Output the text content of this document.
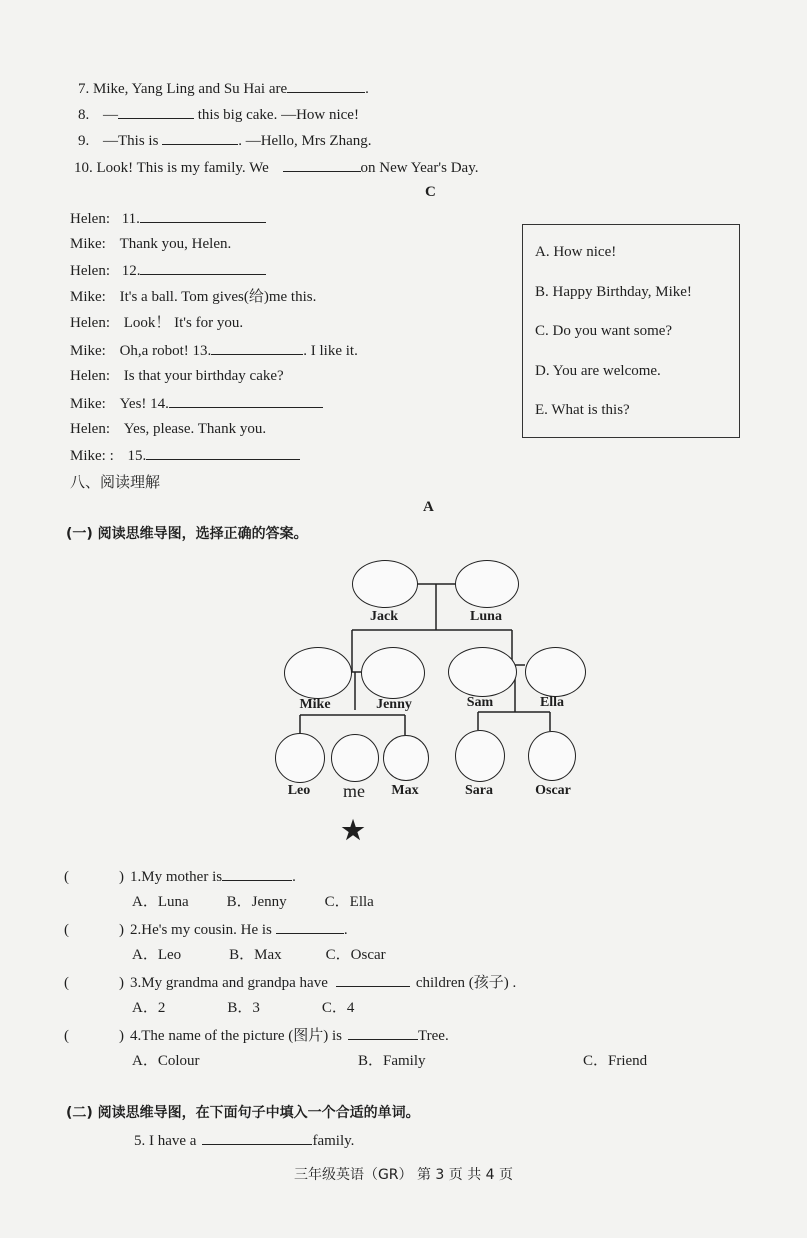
7. Mike, Yang Ling and Su Hai are	.
8. —	this big cake. —How nice!
9. —This is	. —Hello, Mrs Zhang.
10. Look! This is my family. We	on New Year's Day.
C
Helen: 11.
Mike: Thank you, Helen.
Helen: 12.
Mike: It's a ball. Tom gives(给)me this.
Helen: Look！ It's for you.
Mike: Oh,a robot! 13.	. I like it.
Helen: Is that your birthday cake?
Mike: Yes! 14.
Helen: Yes, please. Thank you.
Mike: : 15.
A. How nice!
B. Happy Birthday, Mike!
C. Do you want some?
D. You are welcome.
E. What is this?
八、阅读理解
A
(一) 阅读思维导图，选择正确的答案。
Jack	Luna
Mike	Jenny	Sam	Ella
Leo	me	Max	Sara	Oscar
★
(	) 1.My mother is	.
A．Luna	B．Jenny	C．Ella
(	) 2.He's my cousin. He is	.
A．Leo	B．Max	C．Oscar
(	) 3.My grandma and grandpa have	children (孩子) .
A．2	B．3	C．4
(	) 4.The name of the picture (图片) is	Tree.
A．Colour	B．Family	C．Friend
(二) 阅读思维导图，在下面句子中填入一个合适的单词。
5. I have a	family.
三年级英语（GR） 第 3 页 共 4 页
